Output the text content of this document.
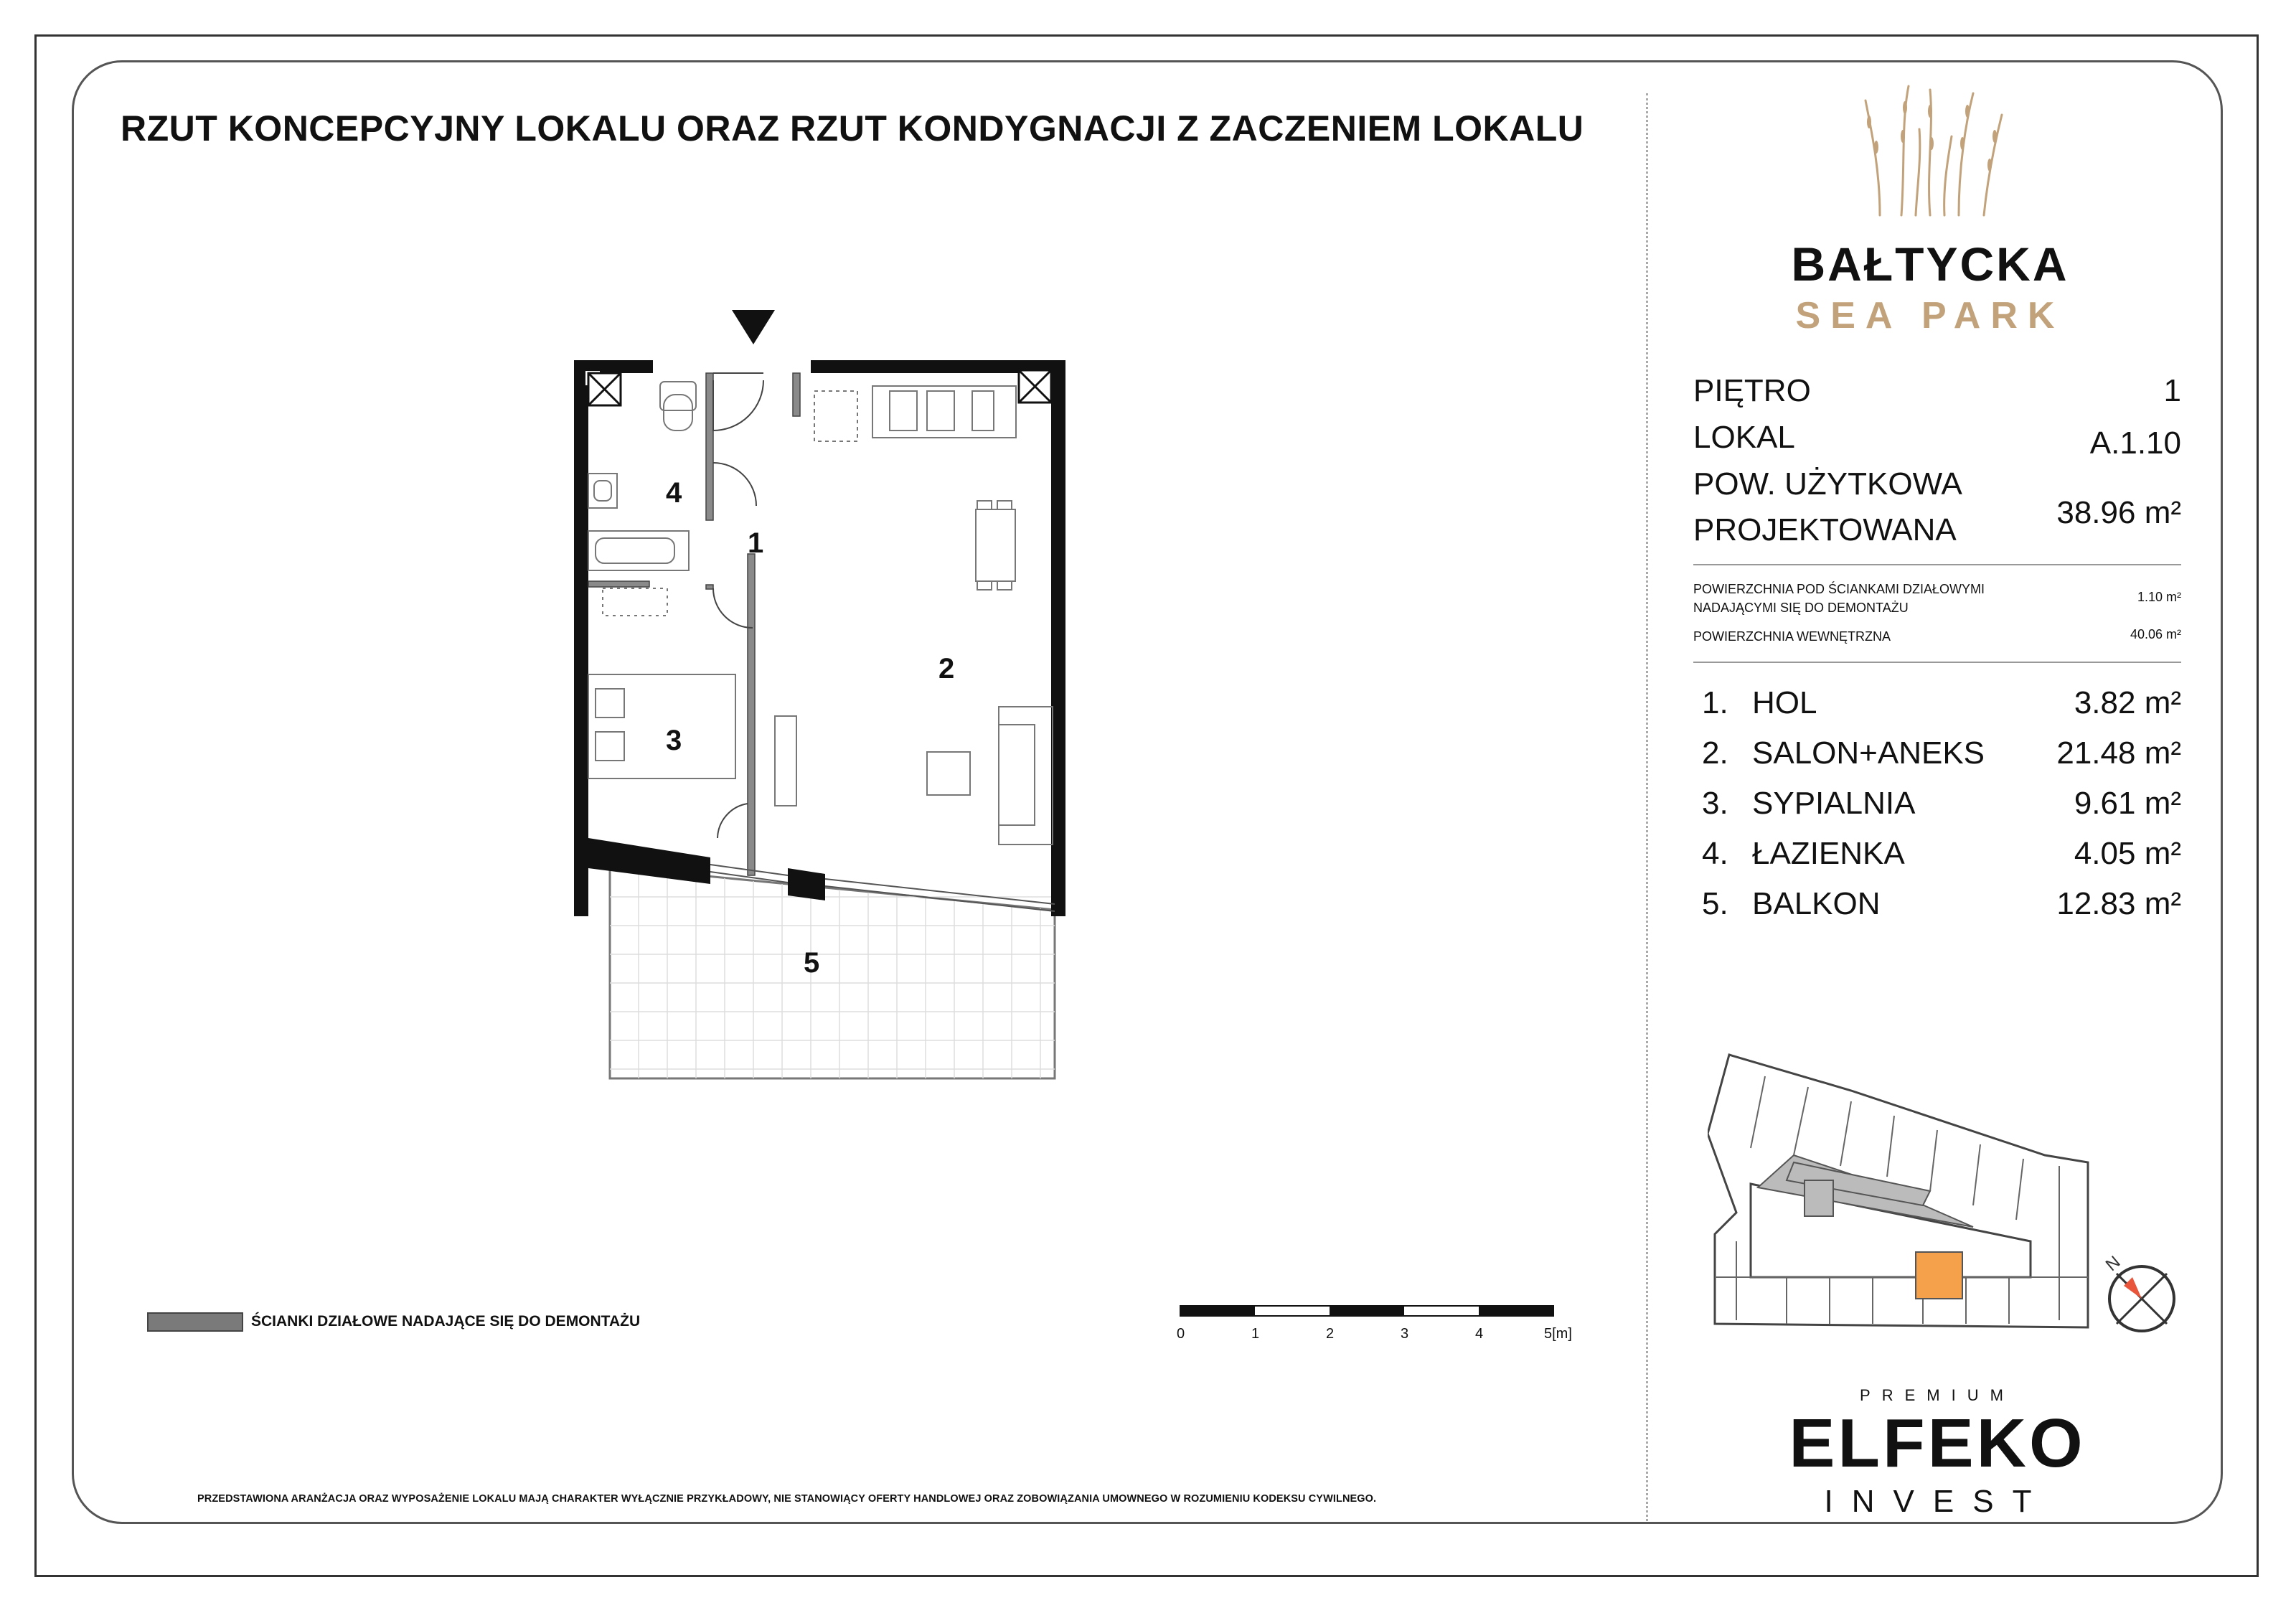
RZUT KONCEPCYJNY LOKALU ORAZ RZUT KONDYGNACJI Z ZACZENIEM LOKALU
4
1
2
3
5
ŚCIANKI DZIAŁOWE NADAJĄCE SIĘ DO DEMONTAŻU
0	1	2	3	4	5[m]
PRZEDSTAWIONA ARANŻACJA ORAZ WYPOSAŻENIE LOKALU MAJĄ CHARAKTER WYŁĄCZNIE PRZYKŁADOWY, NIE STANOWIĄCY OFERTY HANDLOWEJ ORAZ ZOBOWIĄZANIA UMOWNEGO W ROZUMIENIU KODEKSU CYWILNEGO.
BAŁTYCKA
SEA PARK
PIĘTRO	1
LOKAL	A.1.10
POW. UŻYTKOWA
PROJEKTOWANA	38.96 m²
POWIERZCHNIA POD ŚCIANKAMI DZIAŁOWYMI
NADAJĄCYMI SIĘ DO DEMONTAŻU
1.10 m²
POWIERZCHNIA WEWNĘTRZNA	40.06 m²
1. HOL	3.82 m²
2. SALON+ANEKS 21.48 m²
3. SYPIALNIA	9.61 m²
4. ŁAZIENKA	4.05 m²
5. BALKON	12.83 m²
N
PREMIUM
ELFEKO
INVEST
